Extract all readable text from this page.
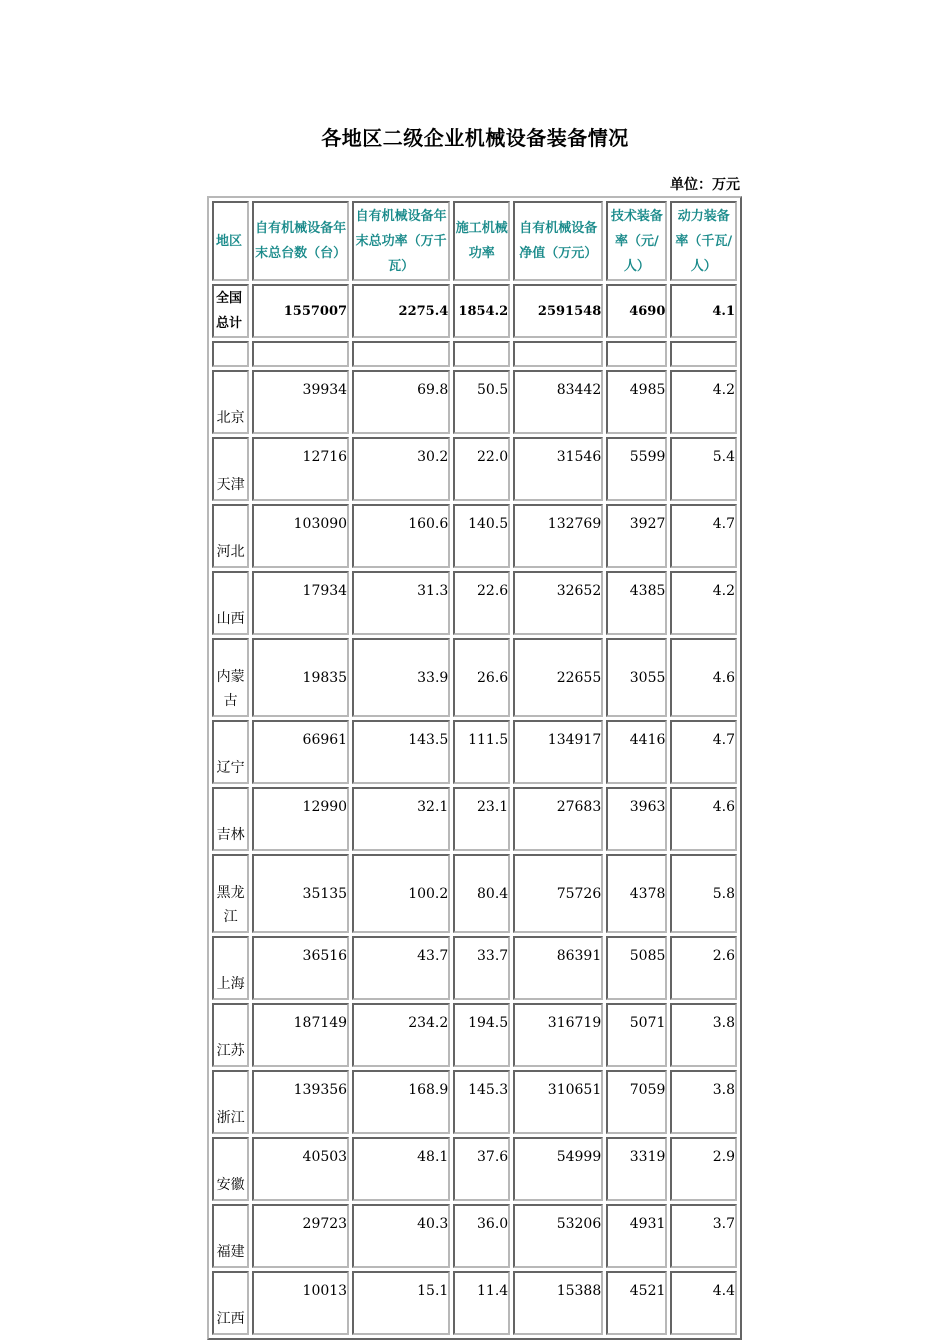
各地区二级企业机械设备装备情况
单位：万元
地区	自有机械设备年末总台数（台）	自有机械设备年末总功率（万千瓦）	施工机械功率	自有机械设备净值（万元）	技术装备率（元/人）	动力装备率（千瓦/人）
全国总计	1557007	2275.4	1854.2	2591548	4690	4.1

北京	39934	69.8	50.5	83442	4985	4.2
天津	12716	30.2	22.0	31546	5599	5.4
河北	103090	160.6	140.5	132769	3927	4.7
山西	17934	31.3	22.6	32652	4385	4.2
内蒙古	19835	33.9	26.6	22655	3055	4.6
辽宁	66961	143.5	111.5	134917	4416	4.7
吉林	12990	32.1	23.1	27683	3963	4.6
黑龙江	35135	100.2	80.4	75726	4378	5.8
上海	36516	43.7	33.7	86391	5085	2.6
江苏	187149	234.2	194.5	316719	5071	3.8
浙江	139356	168.9	145.3	310651	7059	3.8
安徽	40503	48.1	37.6	54999	3319	2.9
福建	29723	40.3	36.0	53206	4931	3.7
江西	10013	15.1	11.4	15388	4521	4.4
